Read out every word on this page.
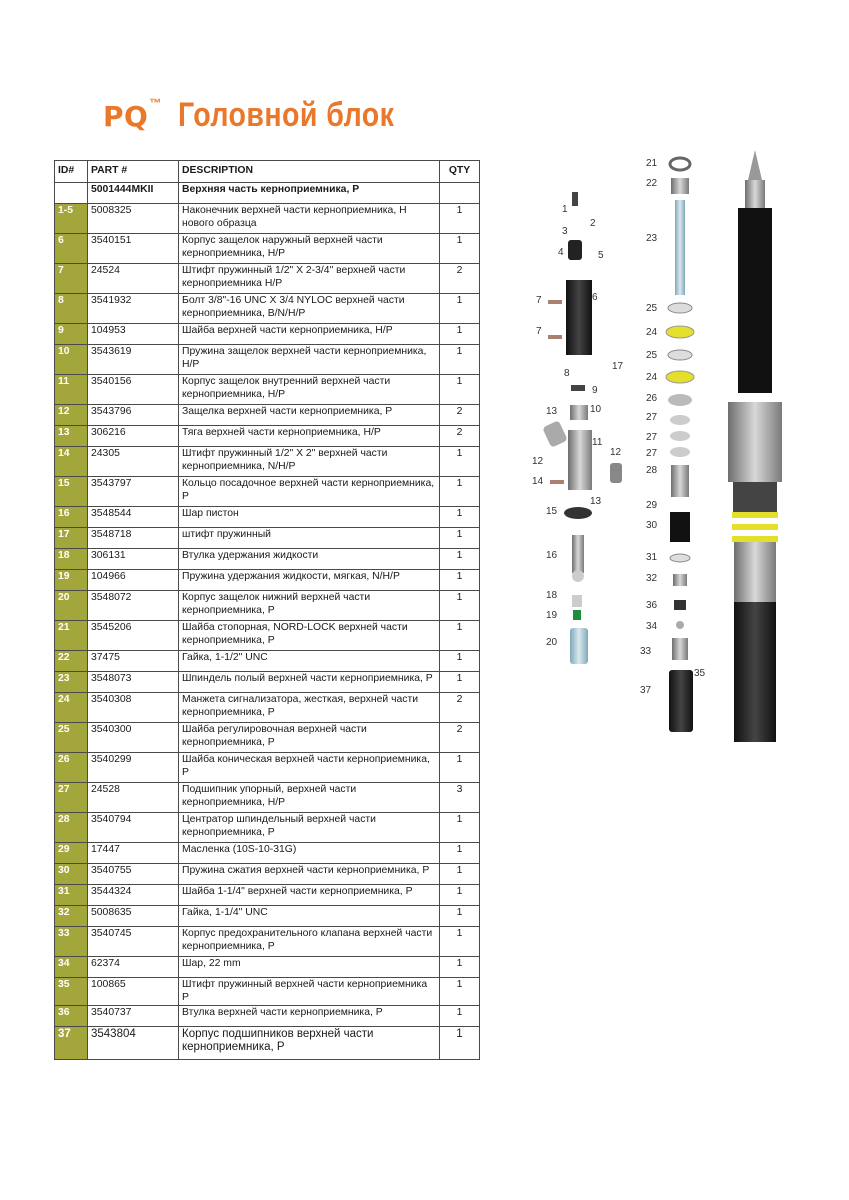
PQ™ Головной блок
ID#	PART #	DESCRIPTION	QTY
	5001444MKII	Верхняя часть керноприемника, P	
1-5	5008325	Наконечник верхней части керноприемника, H нового образца	1
6	3540151	Корпус защелок наружный верхней части керноприемника, H/P	1
7	24524	Штифт пружинный 1/2" X 2-3/4" верхней части керноприемника H/P	2
8	3541932	Болт 3/8"-16 UNC X 3/4 NYLOC верхней части керноприемника, B/N/H/P	1
9	104953	Шайба верхней части керноприемника, H/P	1
10	3543619	Пружина защелок верхней части керноприемника, H/P	1
11	3540156	Корпус защелок внутренний верхней части керноприемника, H/P	1
12	3543796	Защелка верхней части керноприемника, P	2
13	306216	Тяга верхней части керноприемника, H/P	2
14	24305	Штифт пружинный 1/2" X 2" верхней части керноприемника, N/H/P	1
15	3543797	Кольцо посадочное верхней части керноприемника, P	1
16	3548544	Шар пистон	1
17	3548718	штифт пружинный	1
18	306131	Втулка удержания жидкости	1
19	104966	Пружина удержания жидкости, мягкая, N/H/P	1
20	3548072	Корпус защелок нижний верхней части керноприемника, P	1
21	3545206	Шайба стопорная, NORD-LOCK верхней части керноприемника, P	1
22	37475	Гайка, 1-1/2" UNC	1
23	3548073	Шпиндель полый верхней части керноприемника, P	1
24	3540308	Манжета сигнализатора, жесткая, верхней части керноприемника, P	2
25	3540300	Шайба регулировочная верхней части керноприемника, P	2
26	3540299	Шайба коническая верхней части керноприемника, P	1
27	24528	Подшипник упорный, верхней части керноприемника, H/P	3
28	3540794	Центратор шпиндельный верхней части керноприемника, P	1
29	17447	Масленка (10S-10-31G)	1
30	3540755	Пружина сжатия верхней части керноприемника, P	1
31	3544324	Шайба 1-1/4" верхней части керноприемника, P	1
32	5008635	Гайка, 1-1/4" UNC	1
33	3540745	Корпус предохранительного клапана верхней части керноприемника, P	1
34	62374	Шар, 22 mm	1
35	100865	Штифт пружинный верхней части керноприемника P	1
36	3540737	Втулка верхней части керноприемника, P	1
37	3543804	Корпус подшипников верхней части керноприемника, P	1
1
2
3
4	5
6
7
7
8
9
17
13	10
11
12
12
14
13
15
16
18
19
20
21
22
23
25
24
25
24
26
27
27
27
28
29
30
31
32
36
34
33
35
37
